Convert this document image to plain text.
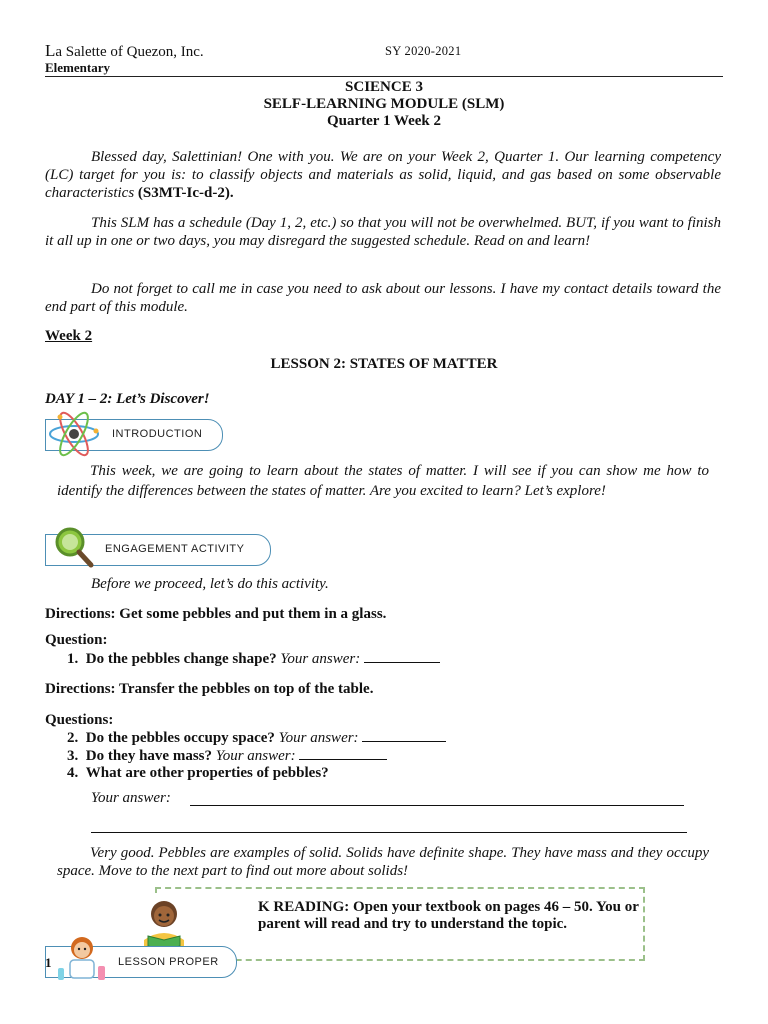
La Salette of Quezon, Inc.	SY 2020-2021
Elementary
SCIENCE 3
SELF-LEARNING MODULE (SLM)
Quarter 1 Week 2
Blessed day, Salettinian! One with you. We are on your Week 2, Quarter 1. Our learning competency (LC) target for you is: to classify objects and materials as solid, liquid, and gas based on some observable characteristics (S3MT-Ic-d-2).
This SLM has a schedule (Day 1, 2, etc.) so that you will not be overwhelmed. BUT, if you want to finish it all up in one or two days, you may disregard the suggested schedule. Read on and learn!
Do not forget to call me in case you need to ask about our lessons. I have my contact details toward the end part of this module.
Week 2
LESSON 2: STATES OF MATTER
DAY 1 – 2: Let’s Discover!
INTRODUCTION
This week, we are going to learn about the states of matter. I will see if you can show me how to identify the differences between the states of matter. Are you excited to learn? Let’s explore!
ENGAGEMENT ACTIVITY
Before we proceed, let’s do this activity.
Directions: Get some pebbles and put them in a glass.
Question:
1. Do the pebbles change shape? Your answer:
Directions: Transfer the pebbles on top of the table.
Questions:
2. Do the pebbles occupy space? Your answer:
3. Do they have mass? Your answer:
4. What are other properties of pebbles?
Your answer:
Very good. Pebbles are examples of solid. Solids have definite shape. They have mass and they occupy space. Move to the next part to find out more about solids!
K READING: Open your textbook on pages 46 – 50. You or
parent will read and try to understand the topic.
1	LESSON PROPER
